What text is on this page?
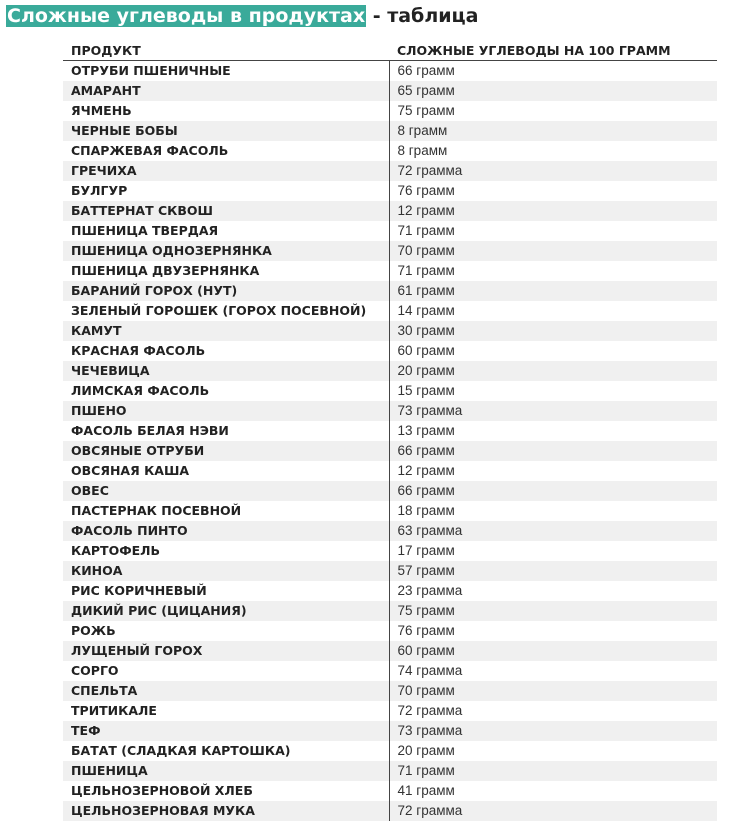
Сложные углеводы в продуктах - таблица
ПРОДУКТ	СЛОЖНЫЕ УГЛЕВОДЫ НА 100 ГРАММ
ОТРУБИ ПШЕНИЧНЫЕ	66 грамм
АМАРАНТ	65 грамм
ЯЧМЕНЬ	75 грамм
ЧЕРНЫЕ БОБЫ	8 грамм
СПАРЖЕВАЯ ФАСОЛЬ	8 грамм
ГРЕЧИХА	72 грамма
БУЛГУР	76 грамм
БАТТЕРНАТ СКВОШ	12 грамм
ПШЕНИЦА ТВЕРДАЯ	71 грамм
ПШЕНИЦА ОДНОЗЕРНЯНКА	70 грамм
ПШЕНИЦА ДВУЗЕРНЯНКА	71 грамм
БАРАНИЙ ГОРОХ (НУТ)	61 грамм
ЗЕЛЕНЫЙ ГОРОШЕК (ГОРОХ ПОСЕВНОЙ)	14 грамм
КАМУТ	30 грамм
КРАСНАЯ ФАСОЛЬ	60 грамм
ЧЕЧЕВИЦА	20 грамм
ЛИМСКАЯ ФАСОЛЬ	15 грамм
ПШЕНО	73 грамма
ФАСОЛЬ БЕЛАЯ НЭВИ	13 грамм
ОВСЯНЫЕ ОТРУБИ	66 грамм
ОВСЯНАЯ КАША	12 грамм
ОВЕС	66 грамм
ПАСТЕРНАК ПОСЕВНОЙ	18 грамм
ФАСОЛЬ ПИНТО	63 грамма
КАРТОФЕЛЬ	17 грамм
КИНОА	57 грамм
РИС КОРИЧНЕВЫЙ	23 грамма
ДИКИЙ РИС (ЦИЦАНИЯ)	75 грамм
РОЖЬ	76 грамм
ЛУЩЕНЫЙ ГОРОХ	60 грамм
СОРГО	74 грамма
СПЕЛЬТА	70 грамм
ТРИТИКАЛЕ	72 грамма
ТЕФ	73 грамма
БАТАТ (СЛАДКАЯ КАРТОШКА)	20 грамм
ПШЕНИЦА	71 грамм
ЦЕЛЬНОЗЕРНОВОЙ ХЛЕБ	41 грамм
ЦЕЛЬНОЗЕРНОВАЯ МУКА	72 грамма
